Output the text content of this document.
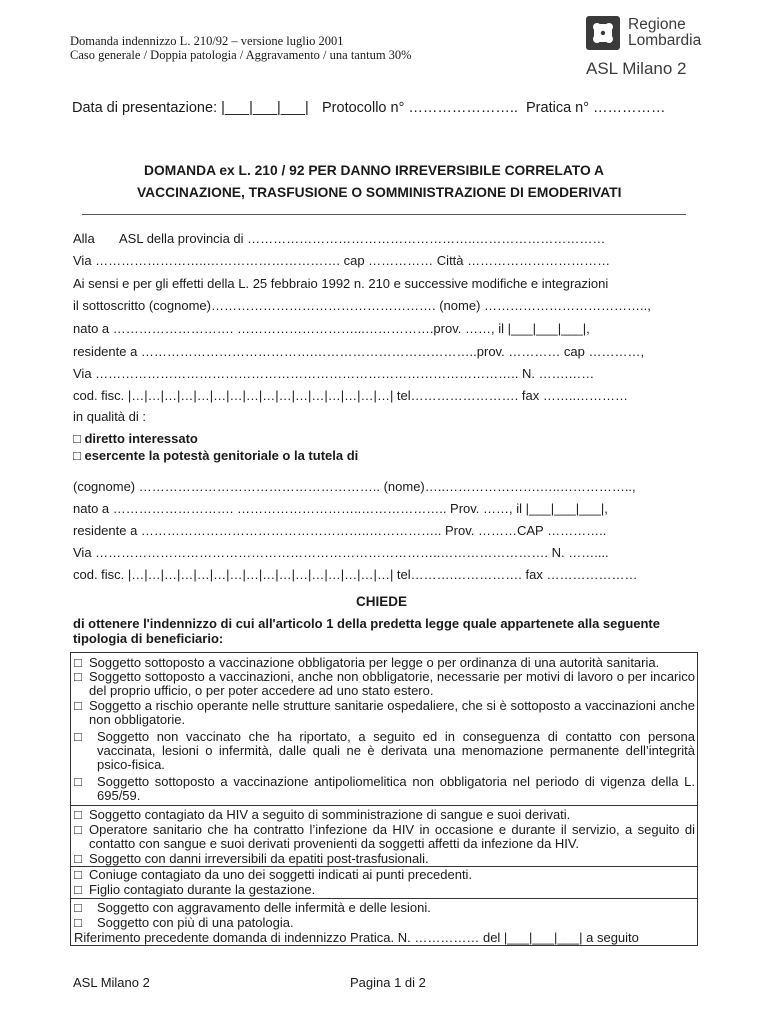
Domanda indennizzo L. 210/92 – versione luglio 2001
Caso generale / Doppia patologia / Aggravamento / una tantum 30%
Regione
Lombardia
ASL Milano 2
Data di presentazione: |___|___|___| Protocollo n° ………………….. Pratica n° ……………
DOMANDA ex L. 210 / 92 PER DANNO IRREVERSIBILE CORRELATO A
VACCINAZIONE, TRASFUSIONE O SOMMINISTRAZIONE DI EMODERIVATI
Alla ASL della provincia di ……………………………………………..…………………………
Via ……………………..…………………………. cap …………… Città ……………………………
Ai sensi e per gli effetti della L. 25 febbraio 1992 n. 210 e successive modifiche e integrazioni
il sottoscritto (cognome)……………………………………………. (nome) ………………………………..,
nato a ………………………. ………………………...…………….prov. ……, il |___|___|___|,
residente a ………………………………….………………………………..prov. ………… cap …………,
Via …………………………………………………………………………………….. N. …….……
cod. fisc. |…|…|…|…|…|…|…|…|…|…|…|…|…|…|…|…| tel……………………. fax ……..…………
in qualità di :
□ diretto interessato
□ esercente la potestà genitoriale o la tutela di
(cognome) ……………………………………………….. (nome)…..………………….…..……………..,
nato a ………………………. ………………………..……………….. Prov. ……, il |___|___|___|,
residente a ……………………………………………..…………….. Prov. ………CAP …………..
Via ……………………………………………………………………..……………………. N. ……....
cod. fisc. |…|…|…|…|…|…|…|…|…|…|…|…|…|…|…|…| tel……….……………. fax …………………
CHIEDE
di ottenere l'indennizzo di cui all'articolo 1 della predetta legge quale appartenete alla seguente
tipologia di beneficiario:
□ Soggetto sottoposto a vaccinazione obbligatoria per legge o per ordinanza di una autorità sanitaria.
□ Soggetto sottoposto a vaccinazioni, anche non obbligatorie, necessarie per motivi di lavoro o per incarico del proprio ufficio, o per poter accedere ad uno stato estero.
□ Soggetto a rischio operante nelle strutture sanitarie ospedaliere, che si è sottoposto a vaccinazioni anche non obbligatorie.
□ Soggetto non vaccinato che ha riportato, a seguito ed in conseguenza di contatto con persona vaccinata, lesioni o infermità, dalle quali ne è derivata una menomazione permanente dell’integrità psico-fisica.
□ Soggetto sottoposto a vaccinazione antipoliomelitica non obbligatoria nel periodo di vigenza della L. 695/59.
□ Soggetto contagiato da HIV a seguito di somministrazione di sangue e suoi derivati.
□ Operatore sanitario che ha contratto l’infezione da HIV in occasione e durante il servizio, a seguito di contatto con sangue e suoi derivati provenienti da soggetti affetti da infezione da HIV.
□ Soggetto con danni irreversibili da epatiti post-trasfusionali.
□ Coniuge contagiato da uno dei soggetti indicati ai punti precedenti.
□ Figlio contagiato durante la gestazione.
□ Soggetto con aggravamento delle infermità e delle lesioni.
□ Soggetto con più di una patologia.
Riferimento precedente domanda di indennizzo Pratica. N. …………… del |___|___|___| a seguito
ASL Milano 2	Pagina 1 di 2
